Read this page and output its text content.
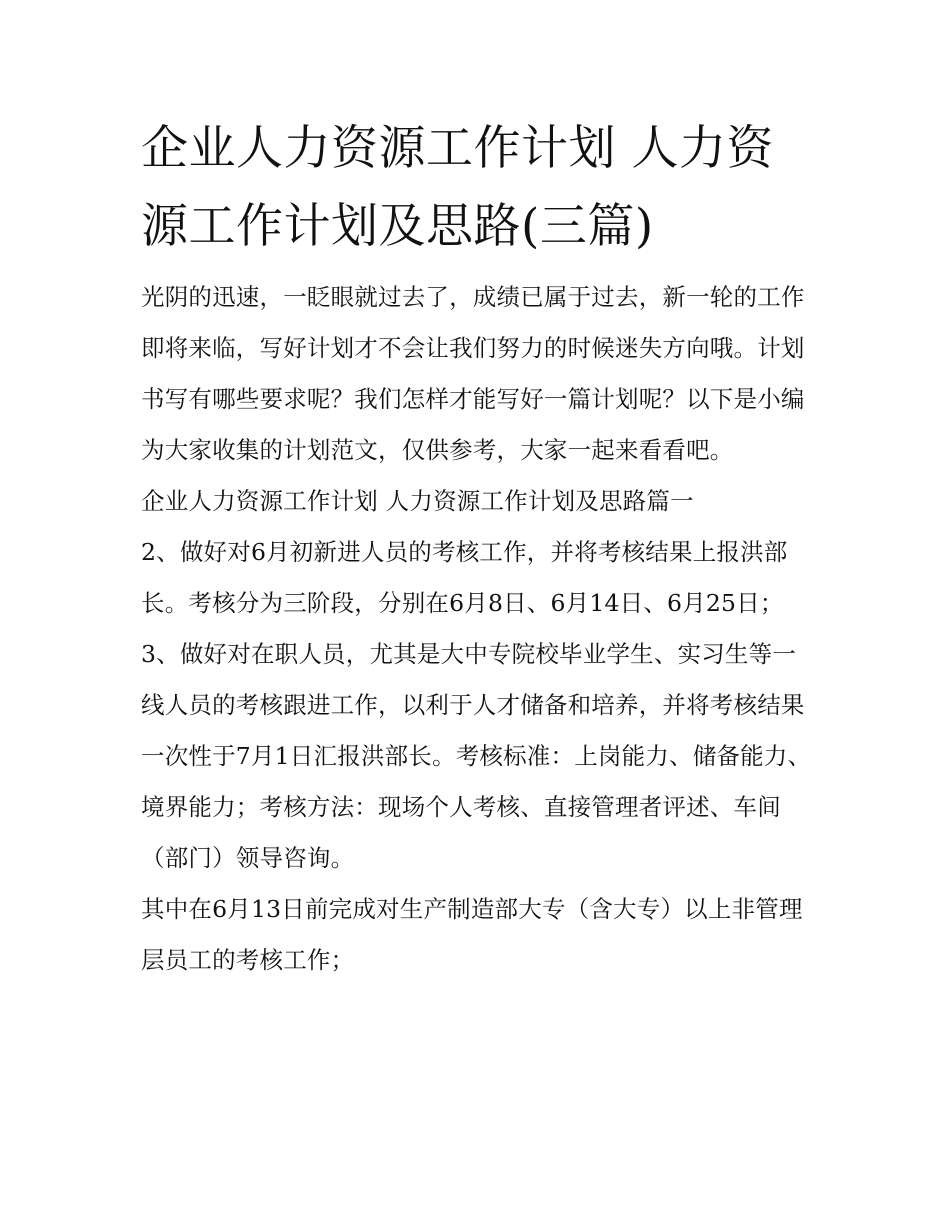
企业人力资源工作计划 人力资源工作计划及思路(三篇)

光阴的迅速，一眨眼就过去了，成绩已属于过去，新一轮的工作即将来临，写好计划才不会让我们努力的时候迷失方向哦。计划书写有哪些要求呢？我们怎样才能写好一篇计划呢？以下是小编为大家收集的计划范文，仅供参考，大家一起来看看吧。

企业人力资源工作计划 人力资源工作计划及思路篇一

2、做好对6月初新进人员的考核工作，并将考核结果上报洪部长。考核分为三阶段，分别在6月8日、6月14日、6月25日；

3、做好对在职人员，尤其是大中专院校毕业学生、实习生等一线人员的考核跟进工作，以利于人才储备和培养，并将考核结果一次性于7月1日汇报洪部长。考核标准：上岗能力、储备能力、境界能力；考核方法：现场个人考核、直接管理者评述、车间（部门）领导咨询。

其中在6月13日前完成对生产制造部大专（含大专）以上非管理层员工的考核工作；
